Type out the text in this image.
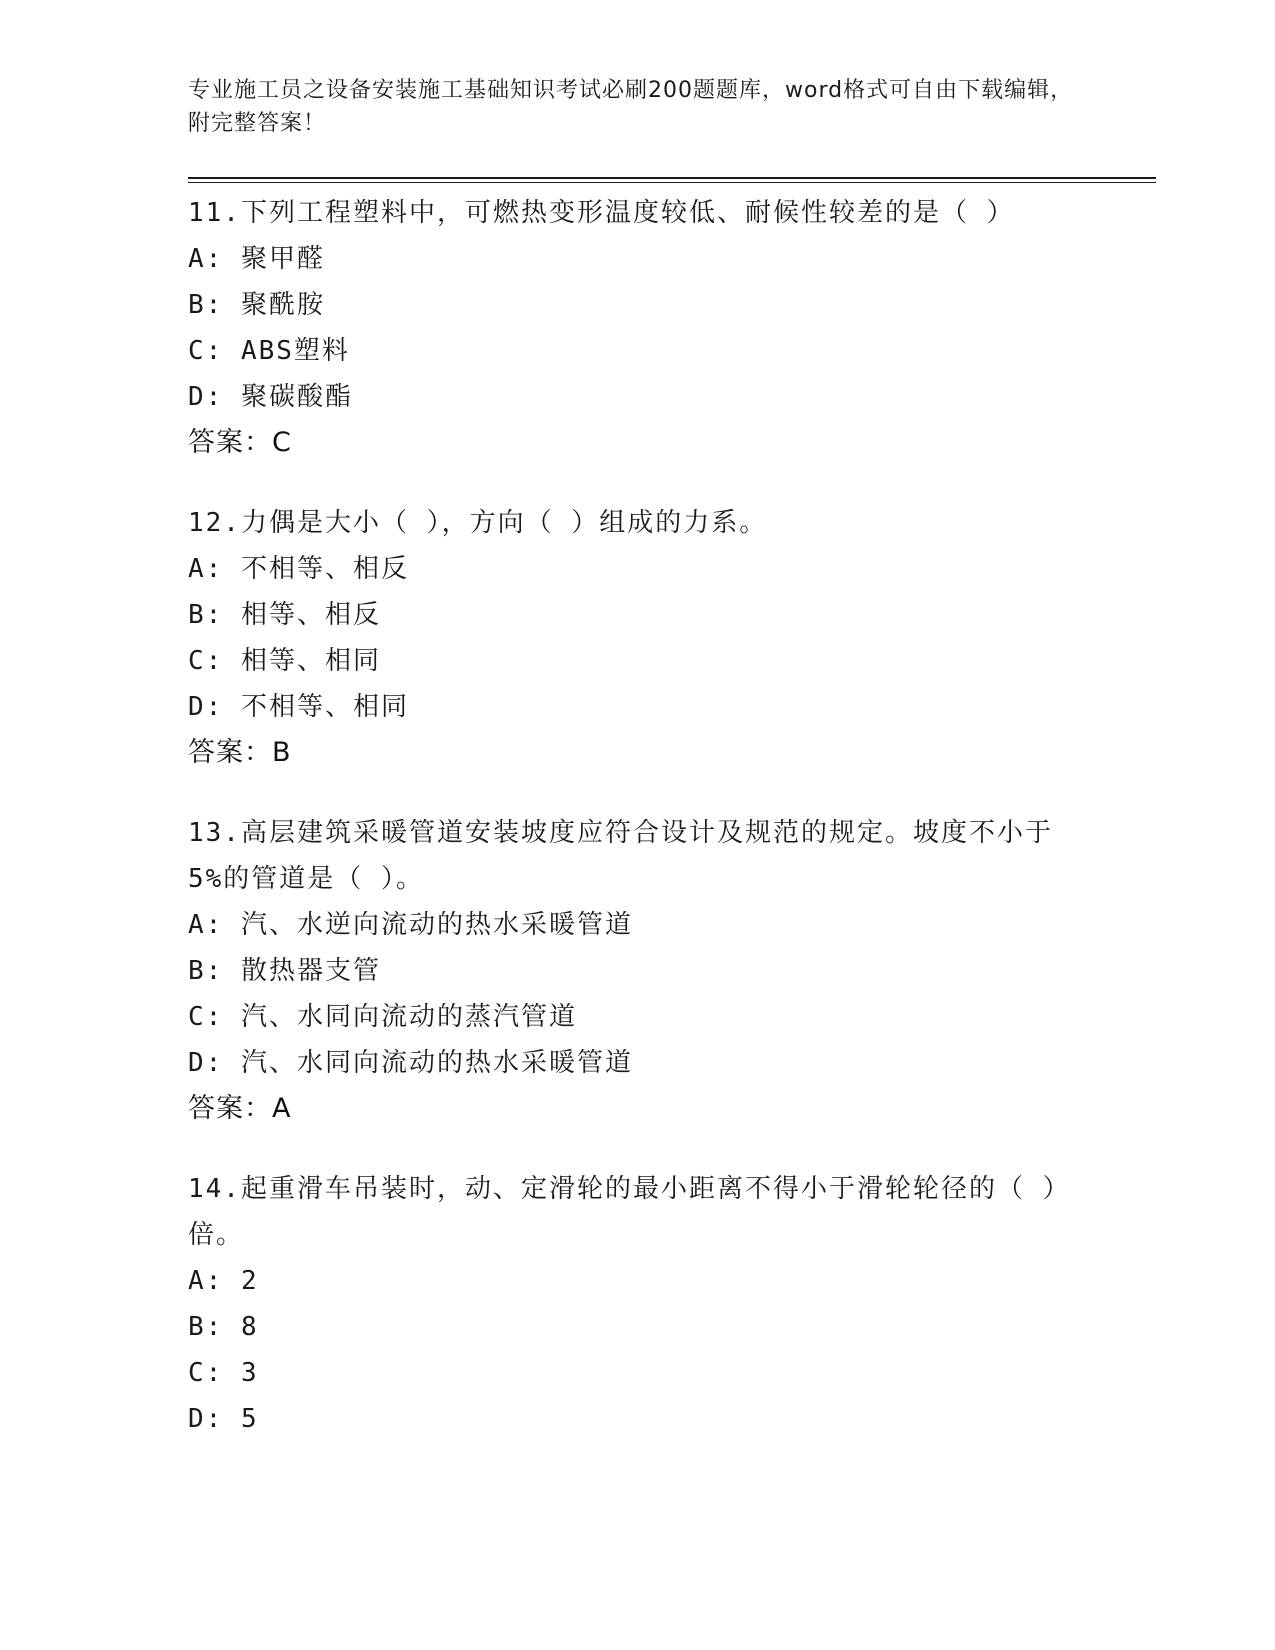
专业施工员之设备安装施工基础知识考试必刷200题题库，word格式可自由下载编辑，附完整答案！
11.下列工程塑料中，可燃热变形温度较低、耐候性较差的是（ ）
A: 聚甲醛
B: 聚酰胺
C: ABS塑料
D: 聚碳酸酯
答案：C
12.力偶是大小（ ），方向（ ）组成的力系。
A: 不相等、相反
B: 相等、相反
C: 相等、相同
D: 不相等、相同
答案：B
13.高层建筑采暖管道安装坡度应符合设计及规范的规定。坡度不小于5%的管道是（ ）。
A: 汽、水逆向流动的热水采暖管道
B: 散热器支管
C: 汽、水同向流动的蒸汽管道
D: 汽、水同向流动的热水采暖管道
答案：A
14.起重滑车吊装时，动、定滑轮的最小距离不得小于滑轮轮径的（ ）倍。
A: 2
B: 8
C: 3
D: 5
